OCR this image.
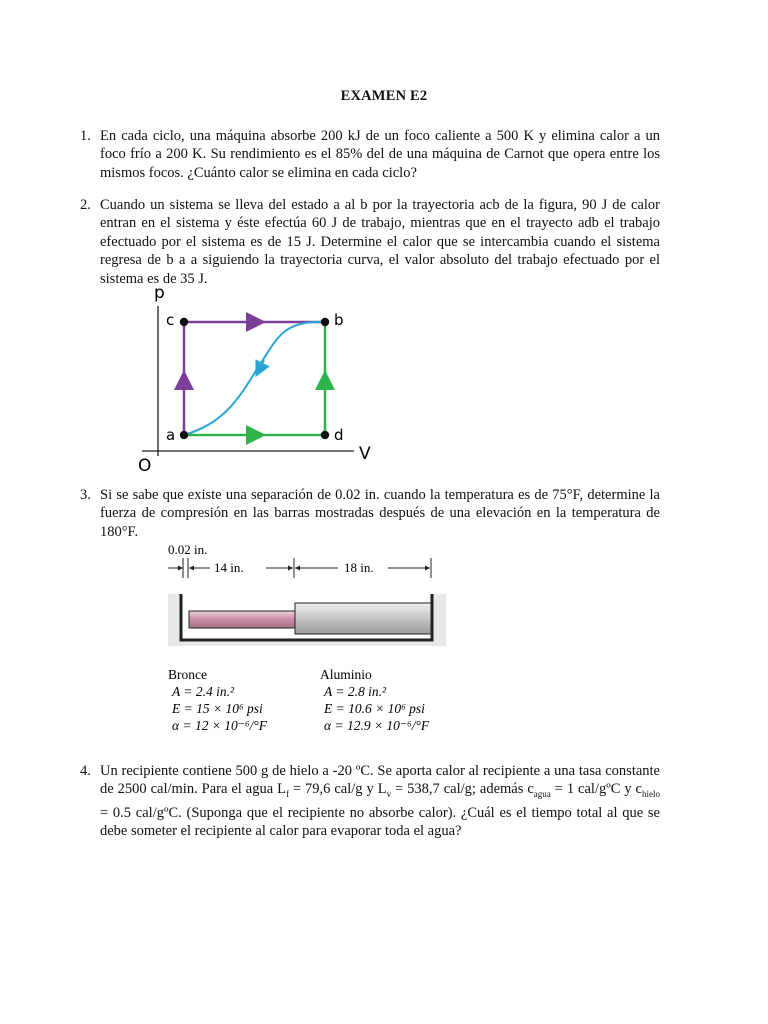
EXAMEN E2
1. En cada ciclo, una máquina absorbe 200 kJ de un foco caliente a 500 K y elimina calor a un foco frío a 200 K. Su rendimiento es el 85% del de una máquina de Carnot que opera entre los mismos focos. ¿Cuánto calor se elimina en cada ciclo?
2. Cuando un sistema se lleva del estado a al b por la trayectoria acb de la figura, 90 J de calor entran en el sistema y éste efectúa 60 J de trabajo, mientras que en el trayecto adb el trabajo efectuado por el sistema es de 15 J. Determine el calor que se intercambia cuando el sistema regresa de b a a siguiendo la trayectoria curva, el valor absoluto del trabajo efectuado por el sistema es de 35 J.
p
V
O
a
b
c
d
3. Si se sabe que existe una separación de 0.02 in. cuando la temperatura es de 75°F, determine la fuerza de compresión en las barras mostradas después de una elevación en la temperatura de 180°F.
0.02 in.
14 in.	18 in.
Bronce
A = 2.4 in.²
E = 15 × 10⁶ psi
α = 12 × 10⁻⁶/°F
Aluminio
A = 2.8 in.²
E = 10.6 × 10⁶ psi
α = 12.9 × 10⁻⁶/°F
4. Un recipiente contiene 500 g de hielo a -20 ºC. Se aporta calor al recipiente a una tasa constante de 2500 cal/min. Para el agua $L_f = 79,6$ cal/g y $L_v = 538,7$ cal/g; además $c_{agua} = 1$ cal/gºC y $c_{hielo} = 0.5$ cal/gºC. (Suponga que el recipiente no absorbe calor). ¿Cuál es el tiempo total al que se debe someter el recipiente al calor para evaporar toda el agua?
